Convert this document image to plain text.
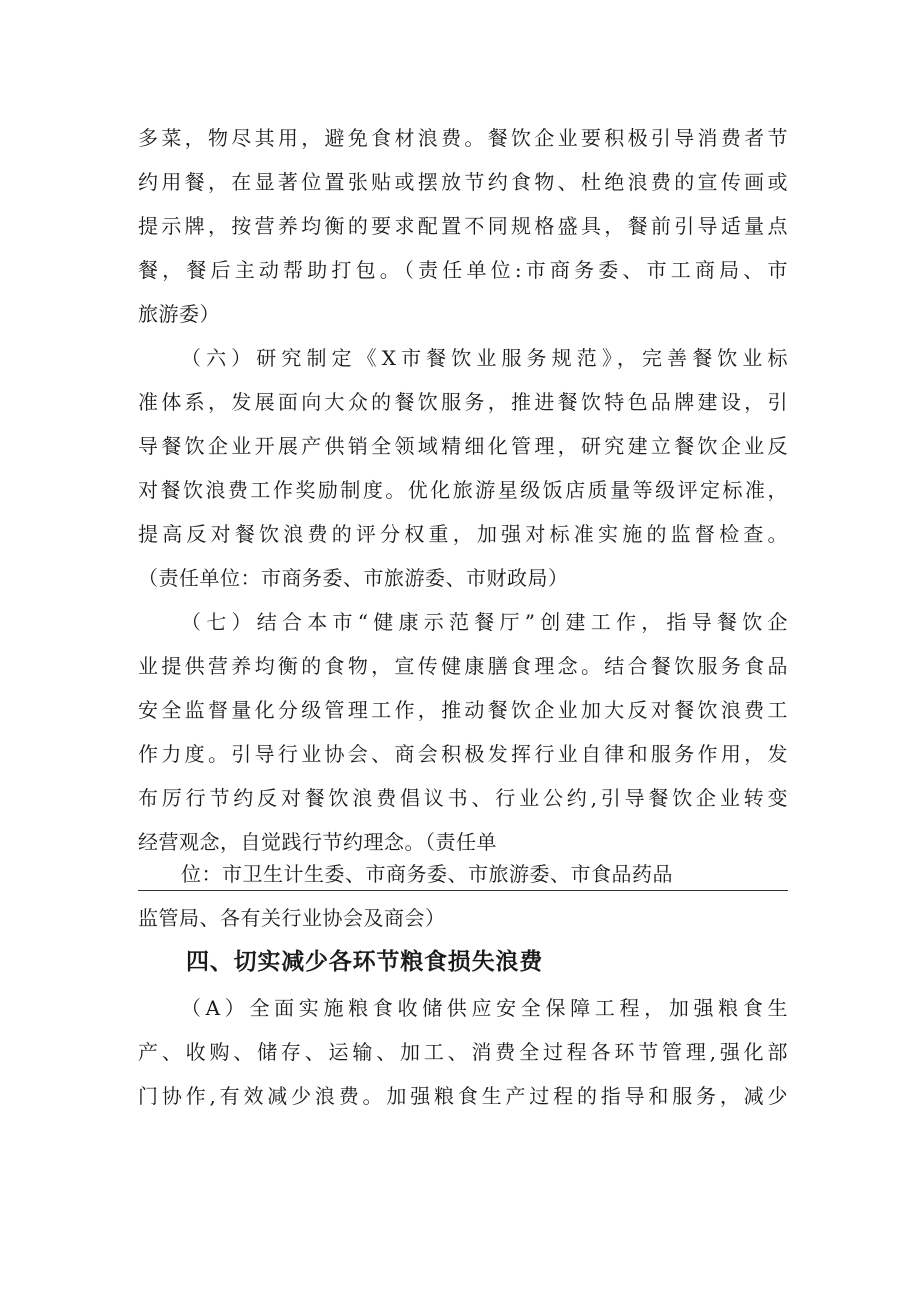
多菜，物尽其用，避免食材浪费。餐饮企业要积极引导消费者节
约用餐，在显著位置张贴或摆放节约食物、杜绝浪费的宣传画或
提示牌，按营养均衡的要求配置不同规格盛具，餐前引导适量点
餐，餐后主动帮助打包。（责任单位:市商务委、市工商局、市
旅游委）
（六）研究制定《X市餐饮业服务规范》，完善餐饮业标
准体系，发展面向大众的餐饮服务，推进餐饮特色品牌建设，引
导餐饮企业开展产供销全领域精细化管理，研究建立餐饮企业反
对餐饮浪费工作奖励制度。优化旅游星级饭店质量等级评定标准，
提高反对餐饮浪费的评分权重，加强对标准实施的监督检查。
（责任单位：市商务委、市旅游委、市财政局）
（七）结合本市“健康示范餐厅”创建工作，指导餐饮企
业提供营养均衡的食物，宣传健康膳食理念。结合餐饮服务食品
安全监督量化分级管理工作，推动餐饮企业加大反对餐饮浪费工
作力度。引导行业协会、商会积极发挥行业自律和服务作用，发
布厉行节约反对餐饮浪费倡议书、行业公约,引导餐饮企业转变
经营观念，自觉践行节约理念。（责任单
位：市卫生计生委、市商务委、市旅游委、市食品药品
监管局、各有关行业协会及商会）
四、切实减少各环节粮食损失浪费
（A）全面实施粮食收储供应安全保障工程，加强粮食生
产、收购、储存、运输、加工、消费全过程各环节管理,强化部
门协作,有效减少浪费。加强粮食生产过程的指导和服务，减少
